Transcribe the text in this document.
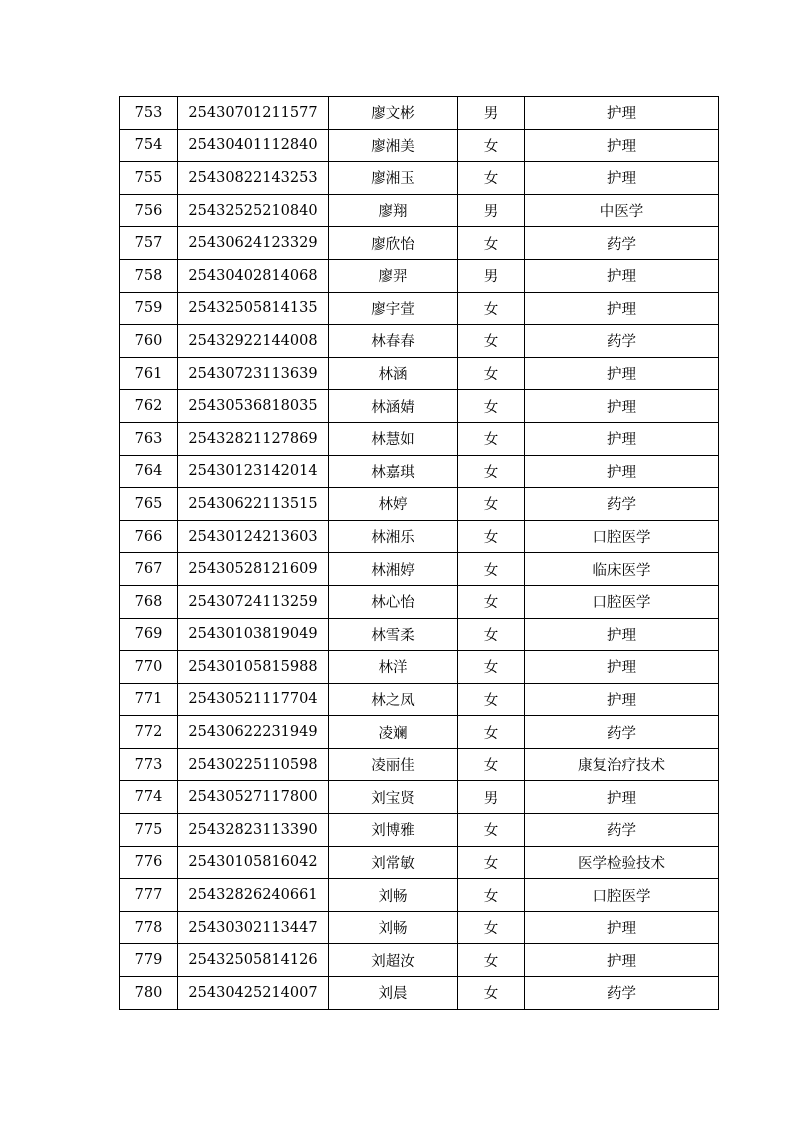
753	25430701211577	廖文彬	男	护理
754	25430401112840	廖湘美	女	护理
755	25430822143253	廖湘玉	女	护理
756	25432525210840	廖翔	男	中医学
757	25430624123329	廖欣怡	女	药学
758	25430402814068	廖羿	男	护理
759	25432505814135	廖宇萱	女	护理
760	25432922144008	林春春	女	药学
761	25430723113639	林涵	女	护理
762	25430536818035	林涵婧	女	护理
763	25432821127869	林慧如	女	护理
764	25430123142014	林嘉琪	女	护理
765	25430622113515	林婷	女	药学
766	25430124213603	林湘乐	女	口腔医学
767	25430528121609	林湘婷	女	临床医学
768	25430724113259	林心怡	女	口腔医学
769	25430103819049	林雪柔	女	护理
770	25430105815988	林洋	女	护理
771	25430521117704	林之凤	女	护理
772	25430622231949	凌斓	女	药学
773	25430225110598	凌丽佳	女	康复治疗技术
774	25430527117800	刘宝贤	男	护理
775	25432823113390	刘博雅	女	药学
776	25430105816042	刘常敏	女	医学检验技术
777	25432826240661	刘畅	女	口腔医学
778	25430302113447	刘畅	女	护理
779	25432505814126	刘超汝	女	护理
780	25430425214007	刘晨	女	药学
